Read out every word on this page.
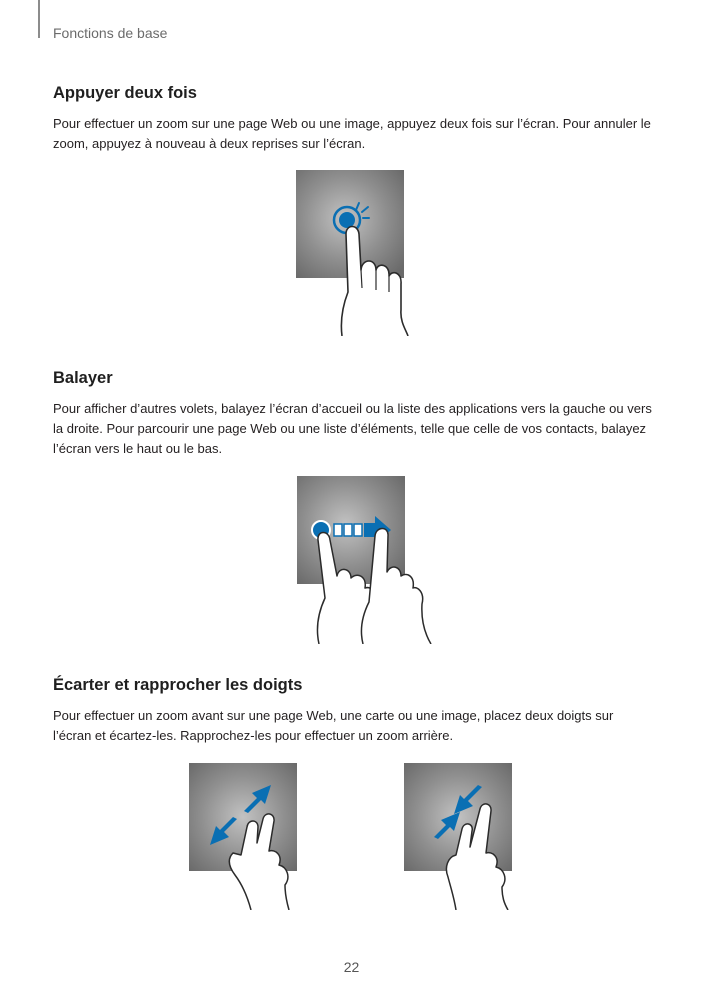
Fonctions de base
Appuyer deux fois

Pour effectuer un zoom sur une page Web ou une image, appuyez deux fois sur l’écran. Pour annuler le zoom, appuyez à nouveau à deux reprises sur l’écran.

Balayer

Pour afficher d’autres volets, balayez l’écran d’accueil ou la liste des applications vers la gauche ou vers la droite. Pour parcourir une page Web ou une liste d’éléments, telle que celle de vos contacts, balayez l’écran vers le haut ou le bas.

Écarter et rapprocher les doigts

Pour effectuer un zoom avant sur une page Web, une carte ou une image, placez deux doigts sur l’écran et écartez-les. Rapprochez-les pour effectuer un zoom arrière.

22
